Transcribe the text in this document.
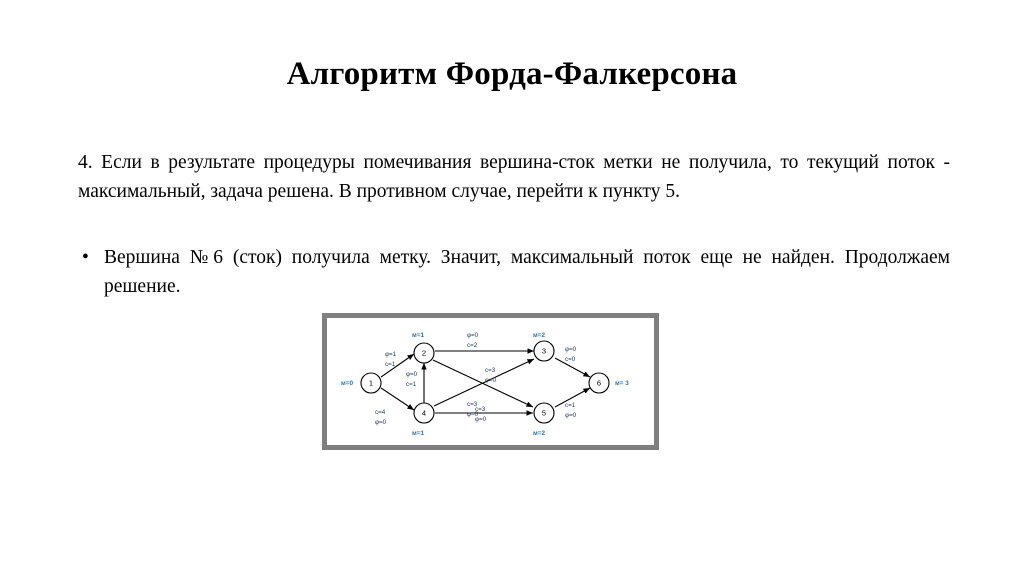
Алгоритм Форда-Фалкерсона
4. Если в результате процедуры помечивания вершина-сток метки не получила, то текущий поток - максимальный, задача решена. В противном случае, перейти к пункту 5.
• Вершина №6 (сток) получила метку. Значит, максимальный поток еще не найден. Продолжаем решение.
1
2	3
4	5
6
м=0
м=1	м=2
м=1	м=2
м= 3
φ=1
c=1
c=4
φ=0
φ=0
c=2
c=3
φ=0
φ=0
c=1
c=3
φ=0
c=3
φ=0
φ=0
c=0
c=1
φ=0
